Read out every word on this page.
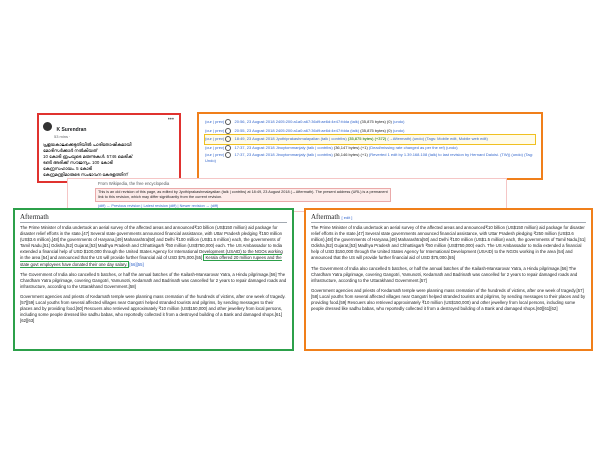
K Surendran
53 mins ·
•••
പ്രളയകാലക്കെടുതിയിൽ പാരിതോഷികമായി
മോദിസർക്കാർ നൽകിയത്
10 കോടി രൂപയുടെ മരുന്നുകൾ. 5746 മെട്രിക്
ടൺ അരിക്ക് സൗജന്യം. 100 കോടി
കേന്ദ്രസഹായം. 5 കോടി
കേന്ദ്രമന്ത്രിമാരുടെ സംഭാവന കേരളത്തിന്
(cur | prev)	20:56, 23 August 2018 2405:200:a1a0:a67:36d9:ae6d:4e47:fdda (talk) (35,875 bytes) (0) (undo)
(cur | prev)	20:55, 23 August 2018 2405:200:a1a0:a67:36d9:ae6d:4e47:fdda (talk) (35,875 bytes) (0) (undo)
(cur | prev)	18:49, 23 August 2018 Jyothiprakashmalayalian (talk | contribs) (35,875 bytes) (+372) (→Aftermath) (undo) (Tags: Mobile edit, Mobile web edit)
(cur | prev)	17:37, 23 August 2018 Jinoytommanjaly (talk | contribs) (36,147 bytes) (+1) (Dead/missing rate changed as per the ref) (undo)
(cur | prev)	17:37, 23 August 2018 Jinoytommanjaly (talk | contribs) (36,146 bytes) (+1) (Reverted 1 edit by 1.39.168.108 (talk) to last revision by Hernard Daloisi. (TW)) (undo) (Tag: Undo)
From Wikipedia, the free encyclopedia
This is an old revision of this page, as edited by Jyothiprakashmalayalian (talk | contribs) at 18:49, 23 August 2018 (→Aftermath). The present address (URL) is a permanent link to this revision, which may differ significantly from the current revision.
(diff) ← Previous revision | Latest revision (diff) | Newer revision → (diff)
Aftermath

The Prime Minister of India undertook an aerial survey of the affected areas and announced₹10 billion (US$150 million) aid package for disaster relief efforts in the state.[47] Several state governments announced financial assistance, with Uttar Pradesh pledging ₹150 million (US$3.6 million),[48] the governments of Haryana,[49] Maharashtra[50] and Delhi ₹100 million (US$1.5 million) each, the governments of Tamil Nadu,[51] Odisha,[52] Gujarat,[53] Madhya Pradesh and Chhattisgarh ₹50 million (US$750,000) each. The US Ambassador to India extended a financial help of USD $100,000 through the United States Agency for International Development (USAID) to the NGOs working in the area [54] and announced that the US will provide further financial aid of USD $75,000.[55] Kerala offered 20 million rupees and the state govt employees have donated their one day salary. [56][55]

The Government of India also cancelled 5 batches, or half the annual batches of the Kailash-Mansarovar Yatra, a Hindu pilgrimage.[56] The Chardham Yatra pilgrimage, covering Gangotri, Yamunotri, Kedarnath and Badrinath was cancelled for 2 years to repair damaged roads and infrastructure, according to the Uttarakhand Government.[58]

Government agencies and priests of Kedarnath temple were planning mass cremation of the hundreds of victims, after one week of tragedy.[57][59] Local youths from several affected villages near Gangotri helped stranded tourists and pilgrims, by sending messages to their places and by providing food.[60] Rescuers also retrieved approximately ₹10 million (US$150,000) and other jewellery from local persons, including some people dressed like sadhu babas, who reportedly collected it from a destroyed building of a Bank and damaged shops.[61][62][63]

Aftermath [ edit ]

The Prime Minister of India undertook an aerial survey of the affected areas and announced₹10 billion (US$150 million) aid package for disaster relief efforts in the state.[47] Several state governments announced financial assistance, with Uttar Pradesh pledging ₹250 million (US$3.6 million),[48] the governments of Haryana,[49] Maharashtra[50] and Delhi ₹100 million (US$1.5 million) each, the governments of Tamil Nadu,[51] Odisha,[52] Gujarat,[53] Madhya Pradesh and Chhattisgarh ₹50 million (US$750,000) each. The US Ambassador to India extended a financial help of USD $150,000 through the United States Agency for International Development (USAID) to the NGOs working in the area [54] and announced that the US will provide further financial aid of USD $75,000.[55]

The Government of India also cancelled 5 batches, or half the annual batches of the Kailash-Mansarovar Yatra, a Hindu pilgrimage.[56] The Chardham Yatra pilgrimage, covering Gangotri, Yamunotri, Kedarnath and Badrinath was cancelled for 2 years to repair damaged roads and infrastructure, according to the Uttarakhand Government.[57]

Government agencies and priests of Kedarnath temple were planning mass cremation of the hundreds of victims, after one week of tragedy.[57][58] Local youths from several affected villages near Gangotri helped stranded tourists and pilgrims, by sending messages to their places and by providing food.[59] Rescuers also retrieved approximately ₹10 million (US$150,000) and other jewellery from local persons, including some people dressed like sadhu babas, who reportedly collected it from a destroyed building of a Bank and damaged shops.[60][61][62]
